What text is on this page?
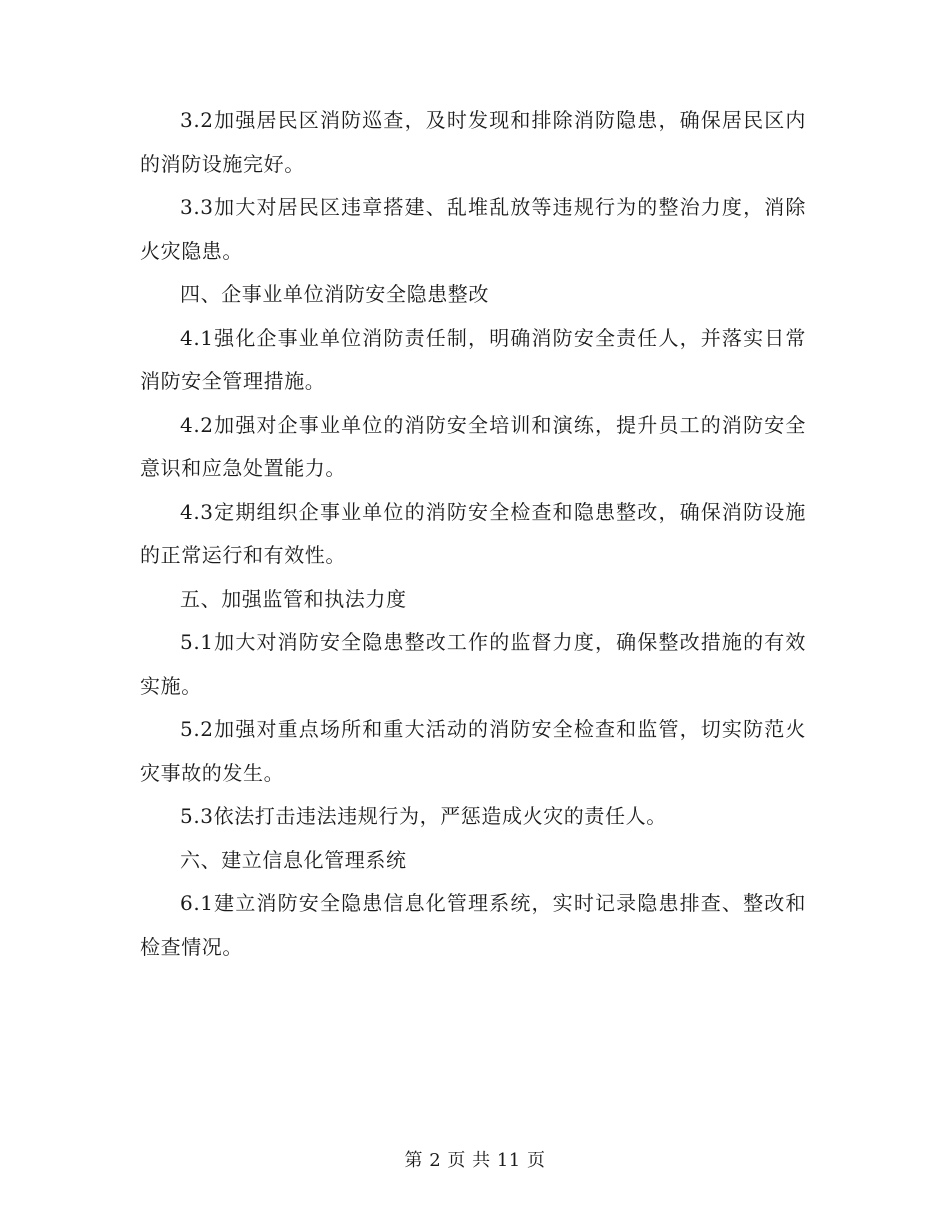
3.2加强居民区消防巡查，及时发现和排除消防隐患，确保居民区内的消防设施完好。

3.3加大对居民区违章搭建、乱堆乱放等违规行为的整治力度，消除火灾隐患。

四、企事业单位消防安全隐患整改

4.1强化企事业单位消防责任制，明确消防安全责任人，并落实日常消防安全管理措施。

4.2加强对企事业单位的消防安全培训和演练，提升员工的消防安全意识和应急处置能力。

4.3定期组织企事业单位的消防安全检查和隐患整改，确保消防设施的正常运行和有效性。

五、加强监管和执法力度

5.1加大对消防安全隐患整改工作的监督力度，确保整改措施的有效实施。

5.2加强对重点场所和重大活动的消防安全检查和监管，切实防范火灾事故的发生。

5.3依法打击违法违规行为，严惩造成火灾的责任人。

六、建立信息化管理系统

6.1建立消防安全隐患信息化管理系统，实时记录隐患排查、整改和检查情况。

第 2 页 共 11 页
